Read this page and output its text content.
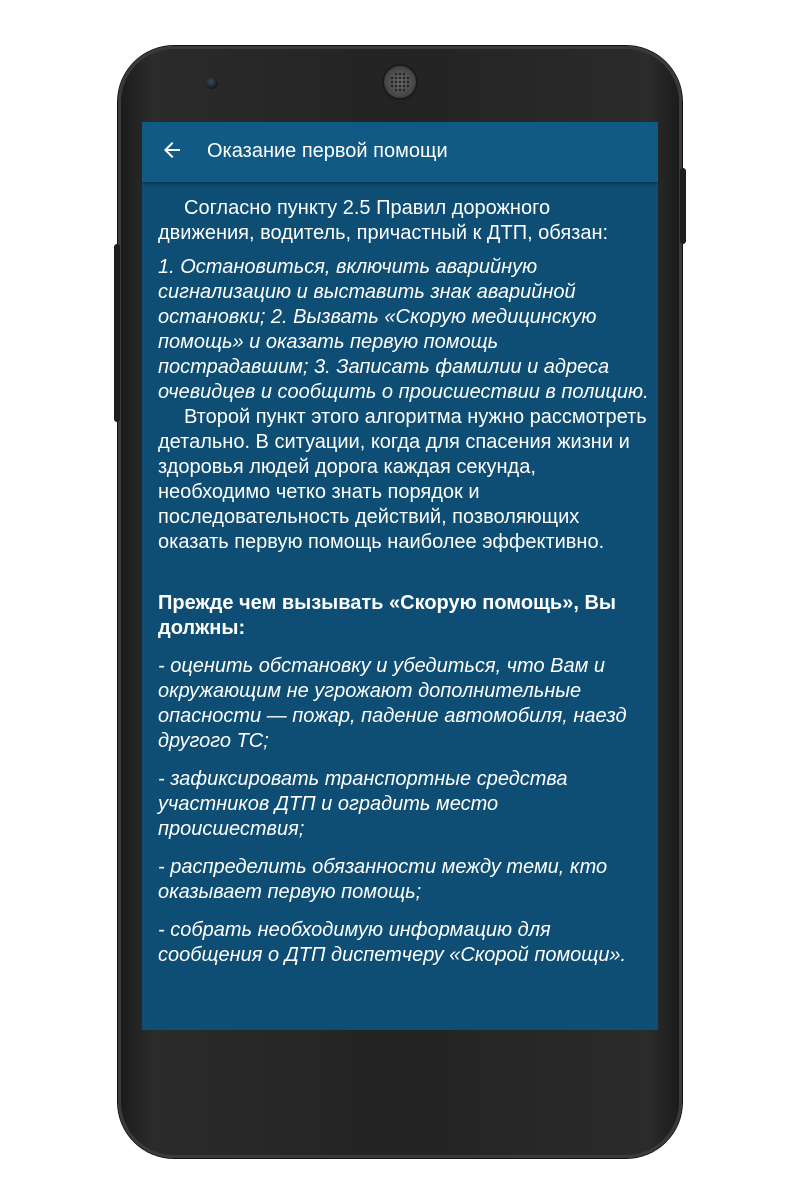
Оказание первой помощи

Согласно пункту 2.5 Правил дорожного движения, водитель, причастный к ДТП, обязан:

1. Остановиться, включить аварийную сигнализацию и выставить знак аварийной остановки; 2. Вызвать «Скорую медицинскую помощь» и оказать первую помощь пострадавшим; 3. Записать фамилии и адреса очевидцев и сообщить о происшествии в полицию.

Второй пункт этого алгоритма нужно рассмотреть детально. В ситуации, когда для спасения жизни и здоровья людей дорога каждая секунда, необходимо четко знать порядок и последовательность действий, позволяющих оказать первую помощь наиболее эффективно.

Прежде чем вызывать «Скорую помощь», Вы должны:

- оценить обстановку и убедиться, что Вам и окружающим не угрожают дополнительные опасности — пожар, падение автомобиля, наезд другого ТС;

- зафиксировать транспортные средства участников ДТП и оградить место происшествия;

- распределить обязанности между теми, кто оказывает первую помощь;

- собрать необходимую информацию для сообщения о ДТП диспетчеру «Скорой помощи».
